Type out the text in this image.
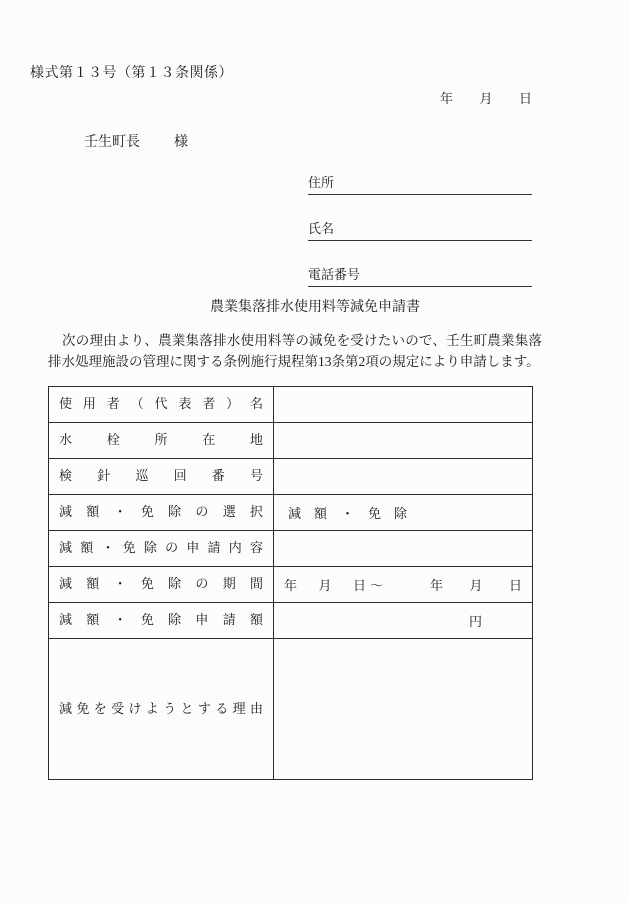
様式第１３号（第１３条関係）
年 月 日
壬生町長 様
住所
氏名
電話番号
農業集落排水使用料等減免申請書
次の理由より、農業集落排水使用料等の減免を受けたいので、壬生町農業集落排水処理施設の管理に関する条例施行規程第13条第2項の規定により申請します。
使用者（代表者）名	

水栓所在地	

検針巡回番号	

減額・免除の選択	減　額 ・ 免　除

減額・免除の申請内容	

減額・免除の期間	年 月 日 〜	年 月 日

減額・免除申請額	円

減免を受けようとする理由	
